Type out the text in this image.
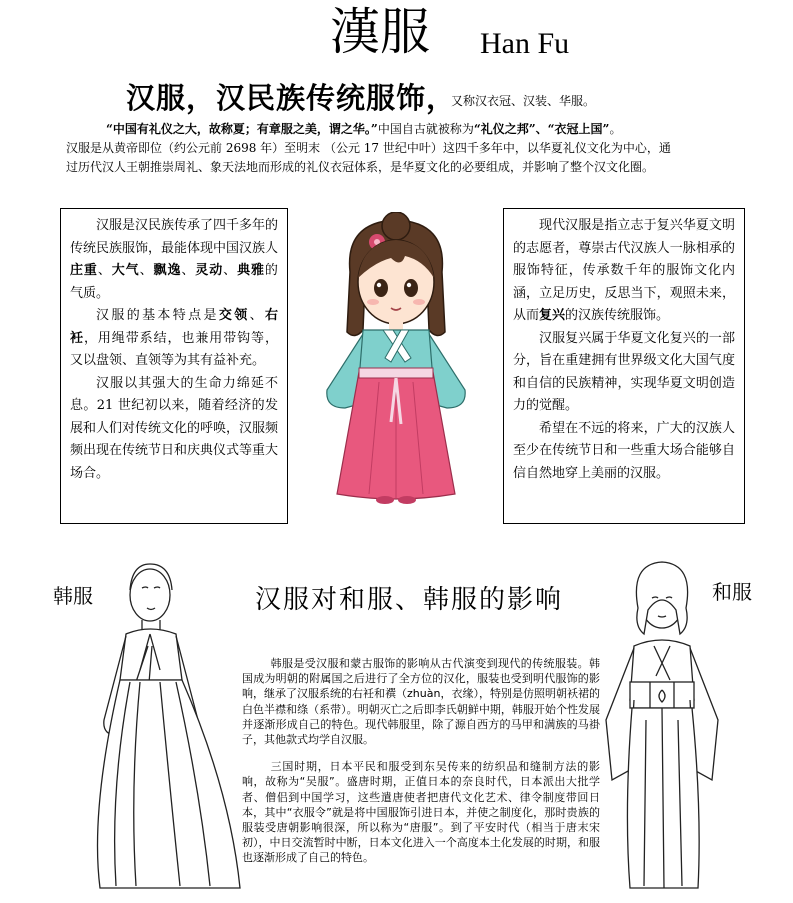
漢服 Han Fu
汉服，汉民族传统服饰，
又称汉衣冠、汉装、华服。

“中国有礼仪之大，故称夏；有章服之美，谓之华。”中国自古就被称为“礼仪之邦”、“衣冠上国”。

汉服是从黄帝即位（约公元前 2698 年）至明末 （公元 17 世纪中叶）这四千多年中，以华夏礼仪文化为中心，通

过历代汉人王朝推崇周礼、象天法地而形成的礼仪衣冠体系，是华夏文化的必要组成，并影响了整个汉文化圈。

汉服是汉民族传承了四千多年的传统民族服饰，最能体现中国汉族人庄重、大气、飘逸、灵动、典雅的气质。

汉服的基本特点是交领、右衽，用绳带系结，也兼用带钩等，又以盘领、直领等为其有益补充。

汉服以其强大的生命力绵延不息。21 世纪初以来，随着经济的发展和人们对传统文化的呼唤，汉服频频出现在传统节日和庆典仪式等重大场合。

现代汉服是指立志于复兴华夏文明的志愿者，尊崇古代汉族人一脉相承的服饰特征，传承数千年的服饰文化内涵，立足历史，反思当下，观照未来，从而复兴的汉族传统服饰。

汉服复兴属于华夏文化复兴的一部分，旨在重建拥有世界级文化大国气度和自信的民族精神，实现华夏文明创造力的觉醒。

希望在不远的将来，广大的汉族人至少在传统节日和一些重大场合能够自信自然地穿上美丽的汉服。

韩服	和服
汉服对和服、韩服的影响

韩服是受汉服和蒙古服饰的影响从古代演变到现代的传统服装。韩国成为明朝的附属国之后进行了全方位的汉化，服装也受到明代服饰的影响，继承了汉服系统的右衽和襈（zhuàn，衣缘），特别是仿照明朝袄裙的白色半襟和绦（系带）。明朝灭亡之后即李氏朝鲜中期，韩服开始个性发展并逐渐形成自己的特色。现代韩服里，除了源自西方的马甲和满族的马褂子，其他款式均学自汉服。

三国时期，日本平民和服受到东吴传来的纺织品和缝制方法的影响，故称为“吴服”。盛唐时期，正值日本的奈良时代，日本派出大批学者、僧侣到中国学习，这些遣唐使者把唐代文化艺术、律令制度带回日本，其中“衣服令”就是将中国服饰引进日本，并使之制度化，那时贵族的服装受唐朝影响很深，所以称为“唐服”。到了平安时代（相当于唐末宋初），中日交流暂时中断，日本文化进入一个高度本土化发展的时期，和服也逐渐形成了自己的特色。
